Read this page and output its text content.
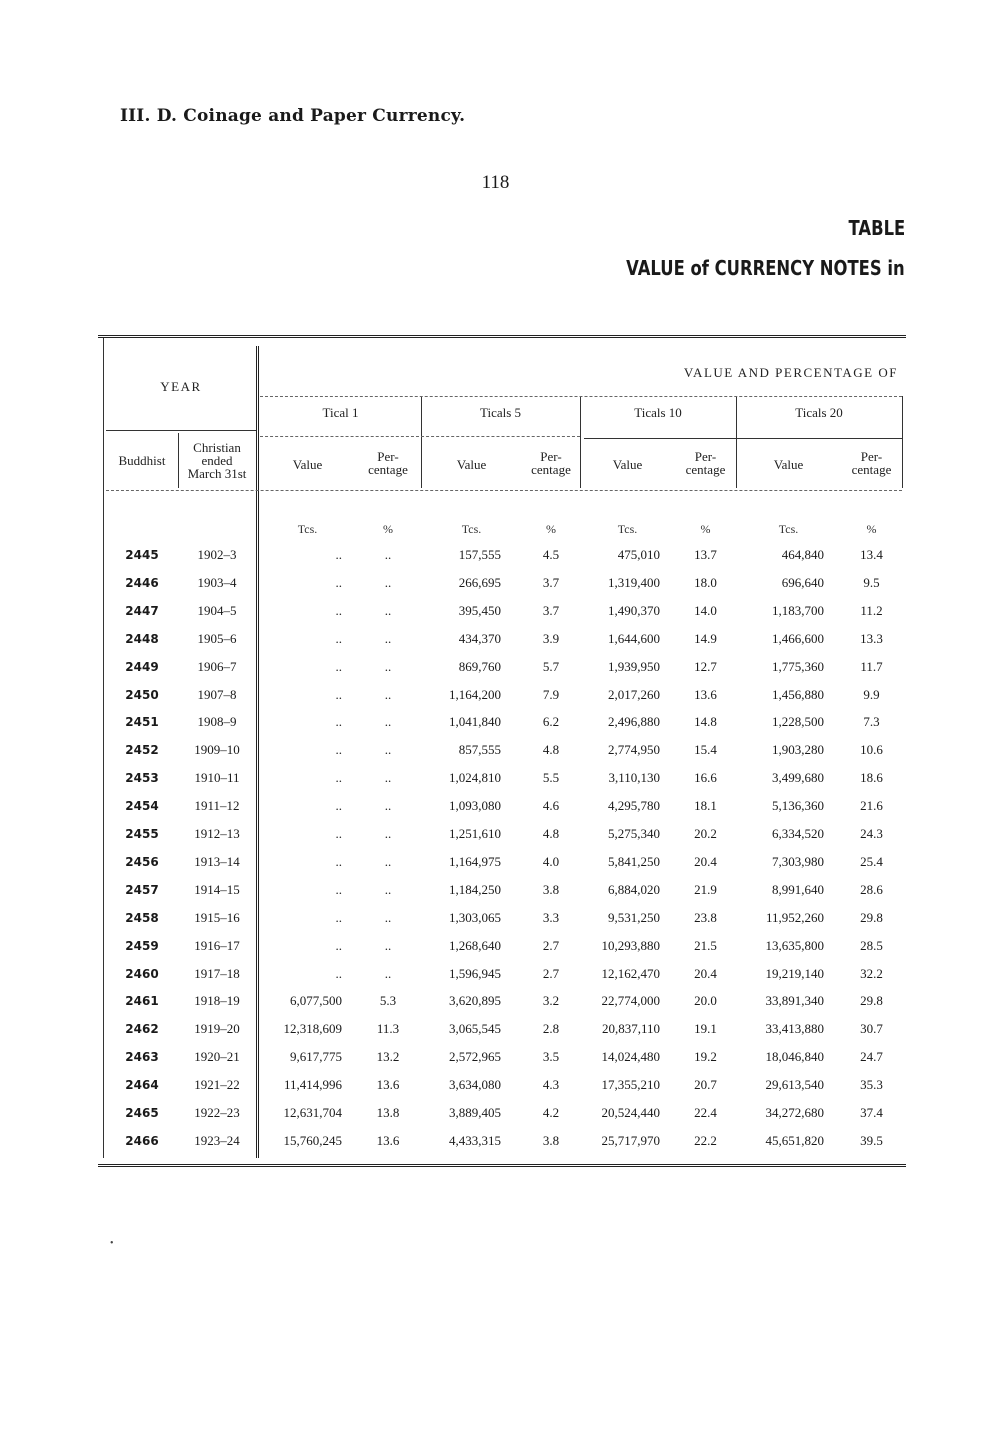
III. D. Coinage and Paper Currency.
118
TABLE
VALUE of CURRENCY NOTES in
YEAR
Buddhist
Christian
ended
March 31st
VALUE AND PERCENTAGE OF
Tical 1
Value
Per-
centage
Tcs.	%
Ticals 5
Value
Per-
centage
Tcs.	%
Ticals 10
Value
Per-
centage
Tcs.	%
Ticals 20
Value
Per-
centage
Tcs.	%
2445	1902–3	..	..	157,555	4.5	475,010	13.7	464,840	13.4
2446	1903–4	..	..	266,695	3.7	1,319,400	18.0	696,640	9.5
2447	1904–5	..	..	395,450	3.7	1,490,370	14.0	1,183,700	11.2
2448	1905–6	..	..	434,370	3.9	1,644,600	14.9	1,466,600	13.3
2449	1906–7	..	..	869,760	5.7	1,939,950	12.7	1,775,360	11.7
2450	1907–8	..	..	1,164,200	7.9	2,017,260	13.6	1,456,880	9.9
2451	1908–9	..	..	1,041,840	6.2	2,496,880	14.8	1,228,500	7.3
2452	1909–10	..	..	857,555	4.8	2,774,950	15.4	1,903,280	10.6
2453	1910–11	..	..	1,024,810	5.5	3,110,130	16.6	3,499,680	18.6
2454	1911–12	..	..	1,093,080	4.6	4,295,780	18.1	5,136,360	21.6
2455	1912–13	..	..	1,251,610	4.8	5,275,340	20.2	6,334,520	24.3
2456	1913–14	..	..	1,164,975	4.0	5,841,250	20.4	7,303,980	25.4
2457	1914–15	..	..	1,184,250	3.8	6,884,020	21.9	8,991,640	28.6
2458	1915–16	..	..	1,303,065	3.3	9,531,250	23.8	11,952,260	29.8
2459	1916–17	..	..	1,268,640	2.7	10,293,880	21.5	13,635,800	28.5
2460	1917–18	..	..	1,596,945	2.7	12,162,470	20.4	19,219,140	32.2
2461	1918–19	6,077,500	5.3	3,620,895	3.2	22,774,000	20.0	33,891,340	29.8
2462	1919–20	12,318,609	11.3	3,065,545	2.8	20,837,110	19.1	33,413,880	30.7
2463	1920–21	9,617,775	13.2	2,572,965	3.5	14,024,480	19.2	18,046,840	24.7
2464	1921–22	11,414,996	13.6	3,634,080	4.3	17,355,210	20.7	29,613,540	35.3
2465	1922–23	12,631,704	13.8	3,889,405	4.2	20,524,440	22.4	34,272,680	37.4
2466	1923–24	15,760,245	13.6	4,433,315	3.8	25,717,970	22.2	45,651,820	39.5
•
